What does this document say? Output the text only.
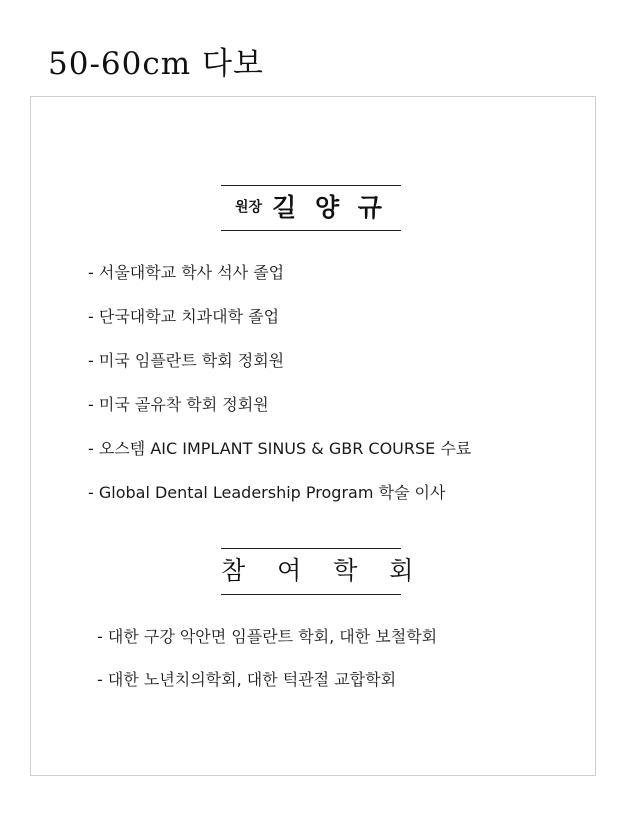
50-60cm 다보
원장 길 양 규
- 서울대학교 학사 석사 졸업
- 단국대학교 치과대학 졸업
- 미국 임플란트 학회 정회원
- 미국 골유착 학회 정회원
- 오스템 AIC IMPLANT SINUS & GBR COURSE 수료
- Global Dental Leadership Program 학술 이사
참 여 학 회
- 대한 구강 악안면 임플란트 학회, 대한 보철학회
- 대한 노년치의학회, 대한 턱관절 교합학회
